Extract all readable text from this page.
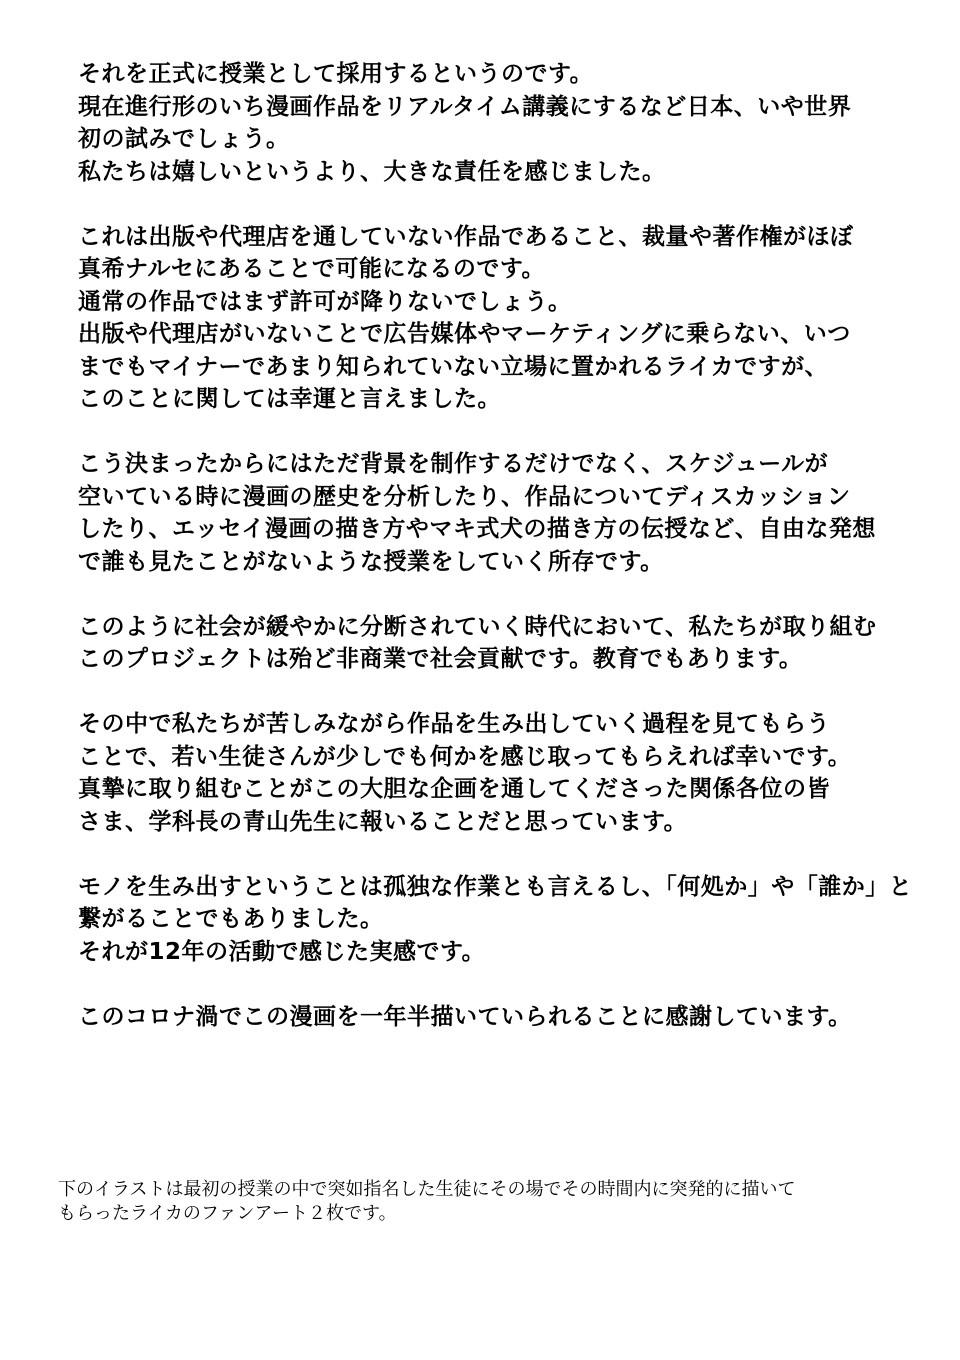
それを正式に授業として採用するというのです。
現在進行形のいち漫画作品をリアルタイム講義にするなど日本、いや世界
初の試みでしょう。
私たちは嬉しいというより、大きな責任を感じました。
これは出版や代理店を通していない作品であること、裁量や著作権がほぼ
真希ナルセにあることで可能になるのです。
通常の作品ではまず許可が降りないでしょう。
出版や代理店がいないことで広告媒体やマーケティングに乗らない、いつ
までもマイナーであまり知られていない立場に置かれるライカですが、
このことに関しては幸運と言えました。
こう決まったからにはただ背景を制作するだけでなく、スケジュールが
空いている時に漫画の歴史を分析したり、作品についてディスカッション
したり、エッセイ漫画の描き方やマキ式犬の描き方の伝授など、自由な発想
で誰も見たことがないような授業をしていく所存です。
このように社会が緩やかに分断されていく時代において、私たちが取り組む
このプロジェクトは殆ど非商業で社会貢献です。教育でもあります。
その中で私たちが苦しみながら作品を生み出していく過程を見てもらう
ことで、若い生徒さんが少しでも何かを感じ取ってもらえれば幸いです。
真摯に取り組むことがこの大胆な企画を通してくださった関係各位の皆
さま、学科長の青山先生に報いることだと思っています。
モノを生み出すということは孤独な作業とも言えるし、「何処か」や「誰か」と
繋がることでもありました。
それが12年の活動で感じた実感です。
このコロナ渦でこの漫画を一年半描いていられることに感謝しています。
下のイラストは最初の授業の中で突如指名した生徒にその場でその時間内に突発的に描いて
もらったライカのファンアート２枚です。
